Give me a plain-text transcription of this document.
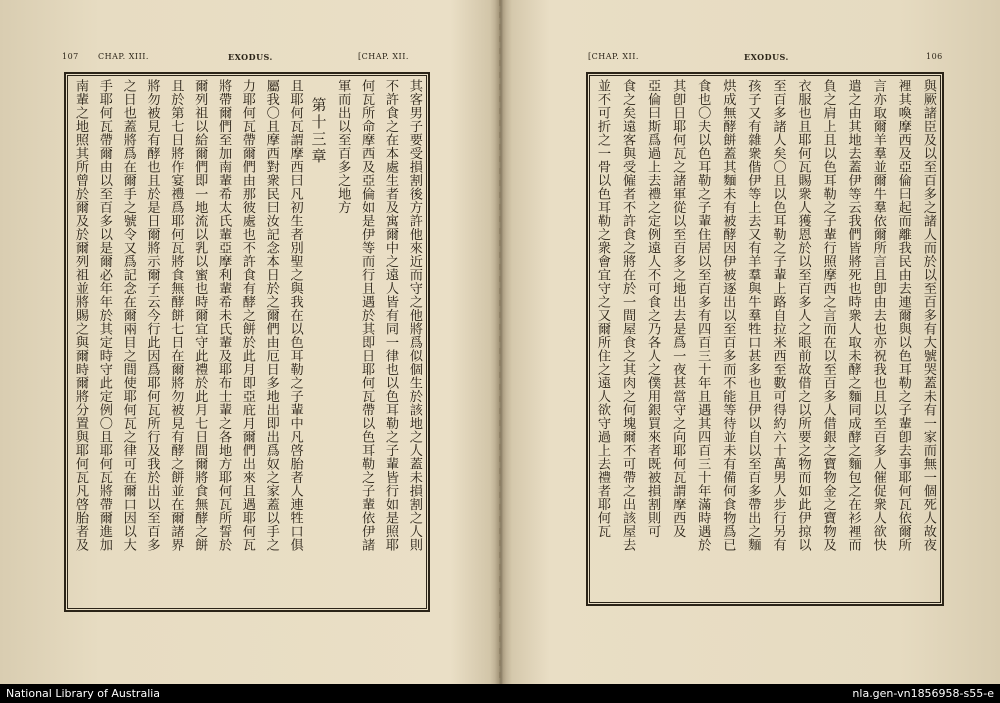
107 CHAP. XIII.	EXODUS.	[CHAP. XII.
其客男子要受損割後方許他來近而守之他將爲似個生於該地之人蓋未損割之人則
不許食之在本處生者及寓爾中之遠人皆有同一律也以色耳勒之子輩皆行如是照耶
何瓦所命摩西及亞倫如是伊等而行且遇於其即日耶何瓦帶以色耳勒之子輩依伊諸
軍而出以至百多之地方
第十三章
且耶何瓦謂摩西曰凡初生者別聖之與我在以色耳勒之子輩中凡啓胎者人連牲口俱
屬我〇且摩西對衆民曰汝記念本日於之爾們由厄日多地出即出爲奴之家蓋以手之
力耶何瓦帶爾們由那彼處也不許食有酵之餅於此月即亞庇月爾們出來且遇耶何瓦
將帶爾們至加南輩希太氏輩亞摩利輩希未氏輩及耶布士輩之各地方耶何瓦所誓於
爾列祖以給爾們即一地流以乳以蜜也時爾宜守此禮於此月七日間爾將食無酵之餅
且於第七日將作宴禮爲耶何瓦將食無酵餅七日在爾將勿被見有酵之餅並在爾諸界
將勿被見有酵也且於是日爾將示爾子云今行此因爲耶何瓦所行及我於出以至百多
之日也蓋將爲在爾手之號令又爲記念在爾兩目之間使耶何瓦之律可在爾口因以大
手耶何瓦帶爾由以至百多以是爾必年年於其定時守此定例〇且耶何瓦將帶爾進加
南輩之地照其所曾於爾及於爾列祖並將賜之與爾時爾將分置與耶何瓦凡啓胎者及
[CHAP. XII.	EXODUS.	106
與厥諸臣及以至百多之諸人而於以至百多有大號哭蓋未有一家而無一個死人故夜
裡其喚摩西及亞倫曰起而離我民由去連爾與以色耳勒之子輩卽去事耶何瓦依爾所
言亦取爾羊羣並爾牛羣依爾所言且卽由去也亦祝我也且以至百多人催促衆人欲快
遣之由其地去蓋伊等云我們皆將死也時衆人取未酵之麵同成酵之麵包之在衫裡而
負之肩上且以色耳勒之子輩行照摩西之言而在以至百多人借銀之寶物金之寶物及
衣服也且耶何瓦賜衆人獲恩於以至百多人之眼前故借之以所要之物而如此伊掠以
至百多諸人矣〇且以色耳勒之子輩上路自拉米西至數可得約六十萬男人步行另有
孩子又有雜衆偕伊等上去又有羊羣與牛羣牲口甚多也且伊以自以至百多帶出之麵
烘成無酵餅蓋其麵未有被酵因伊被逐出以至百多而不能等待並未有備何食物爲已
食也〇夫以色耳勒之子輩住居以至百多有四百三十年且遇其四百三十年滿時遇於
其卽日耶何瓦之諸軍從以至百多之地出去是爲一夜甚當守之向耶何瓦謂摩西及
亞倫曰斯爲過上去禮之定例遠人不可食之乃各人之僕用銀買來者既被損割則可
食之矣遠客與受僱者不許食之將在於一間屋食之其肉之何塊爾不可帶之出該屋去
並不可折之一骨以色耳勒之衆會宜守之又爾所住之遠人欲守過上去禮者耶何瓦
National Library of Australia	nla.gen-vn1856958-s55-e
